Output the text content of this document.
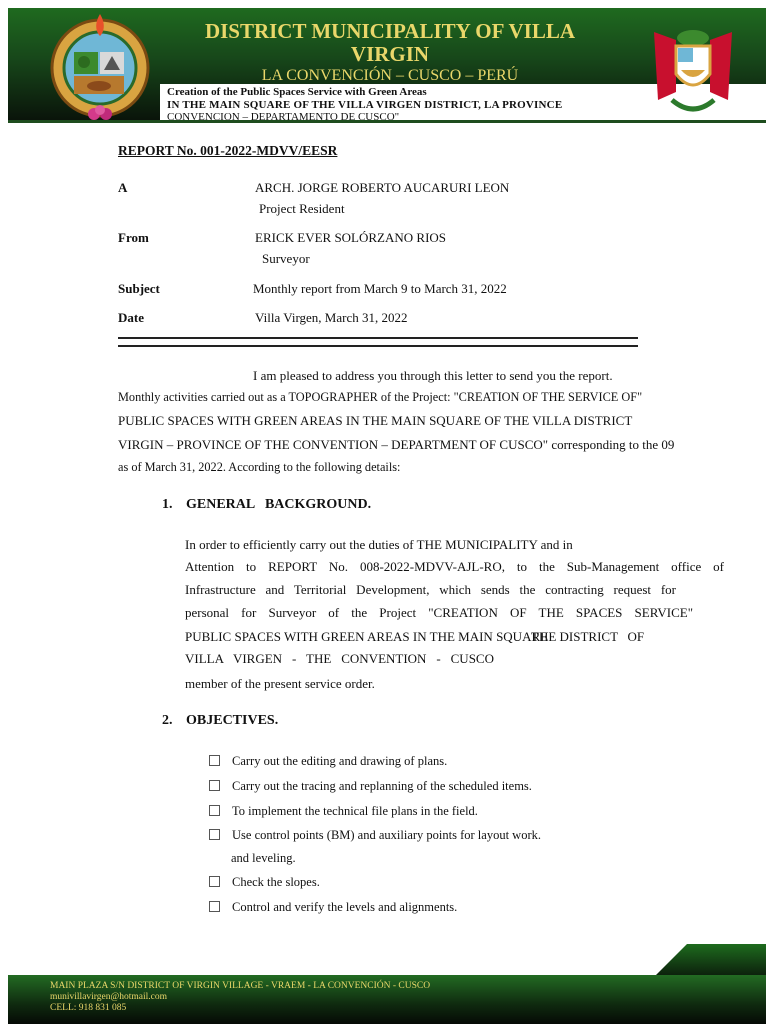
DISTRICT MUNICIPALITY OF VILLA
VIRGIN
LA CONVENCIÓN – CUSCO – PERÚ
Creation of the Public Spaces Service with Green Areas
IN THE MAIN SQUARE OF THE VILLA VIRGEN DISTRICT, LA PROVINCE
CONVENCION – DEPARTAMENTO DE CUSCO"
REPORT No. 001-2022-MDVV/EESR
A	ARCH. JORGE ROBERTO AUCARURI LEON
Project Resident
From	ERICK EVER SOLÓRZANO RIOS
Surveyor
Subject	Monthly report from March 9 to March 31, 2022
Date	Villa Virgen, March 31, 2022
I am pleased to address you through this letter to send you the report.
Monthly activities carried out as a TOPOGRAPHER of the Project: "CREATION OF THE SERVICE OF"
PUBLIC SPACES WITH GREEN AREAS IN THE MAIN SQUARE OF THE VILLA DISTRICT
VIRGIN – PROVINCE OF THE CONVENTION – DEPARTMENT OF CUSCO" corresponding to the 09
as of March 31, 2022. According to the following details:
1. GENERAL   BACKGROUND.
In order to efficiently carry out the duties of THE MUNICIPALITY and in
Attention to REPORT No. 008-2022-MDVV-AJL-RO, to the Sub-Management office of
Infrastructure and Territorial Development, which sends the contracting request for
personal for Surveyor of the Project "CREATION OF THE SPACES SERVICE"
PUBLIC SPACES WITH GREEN AREAS IN THE MAIN SQUARE
THE DISTRICT   OF
VILLA VIRGEN - THE CONVENTION - CUSCO
member of the present service order.
2. OBJECTIVES.
Carry out the editing and drawing of plans.
Carry out the tracing and replanning of the scheduled items.
To implement the technical file plans in the field.
Use control points (BM) and auxiliary points for layout work.
and leveling.
Check the slopes.
Control and verify the levels and alignments.
MAIN PLAZA S/N DISTRICT OF VIRGIN VILLAGE - VRAEM - LA CONVENCIÓN - CUSCO
munivillavirgen@hotmail.com
CELL: 918 831 085
